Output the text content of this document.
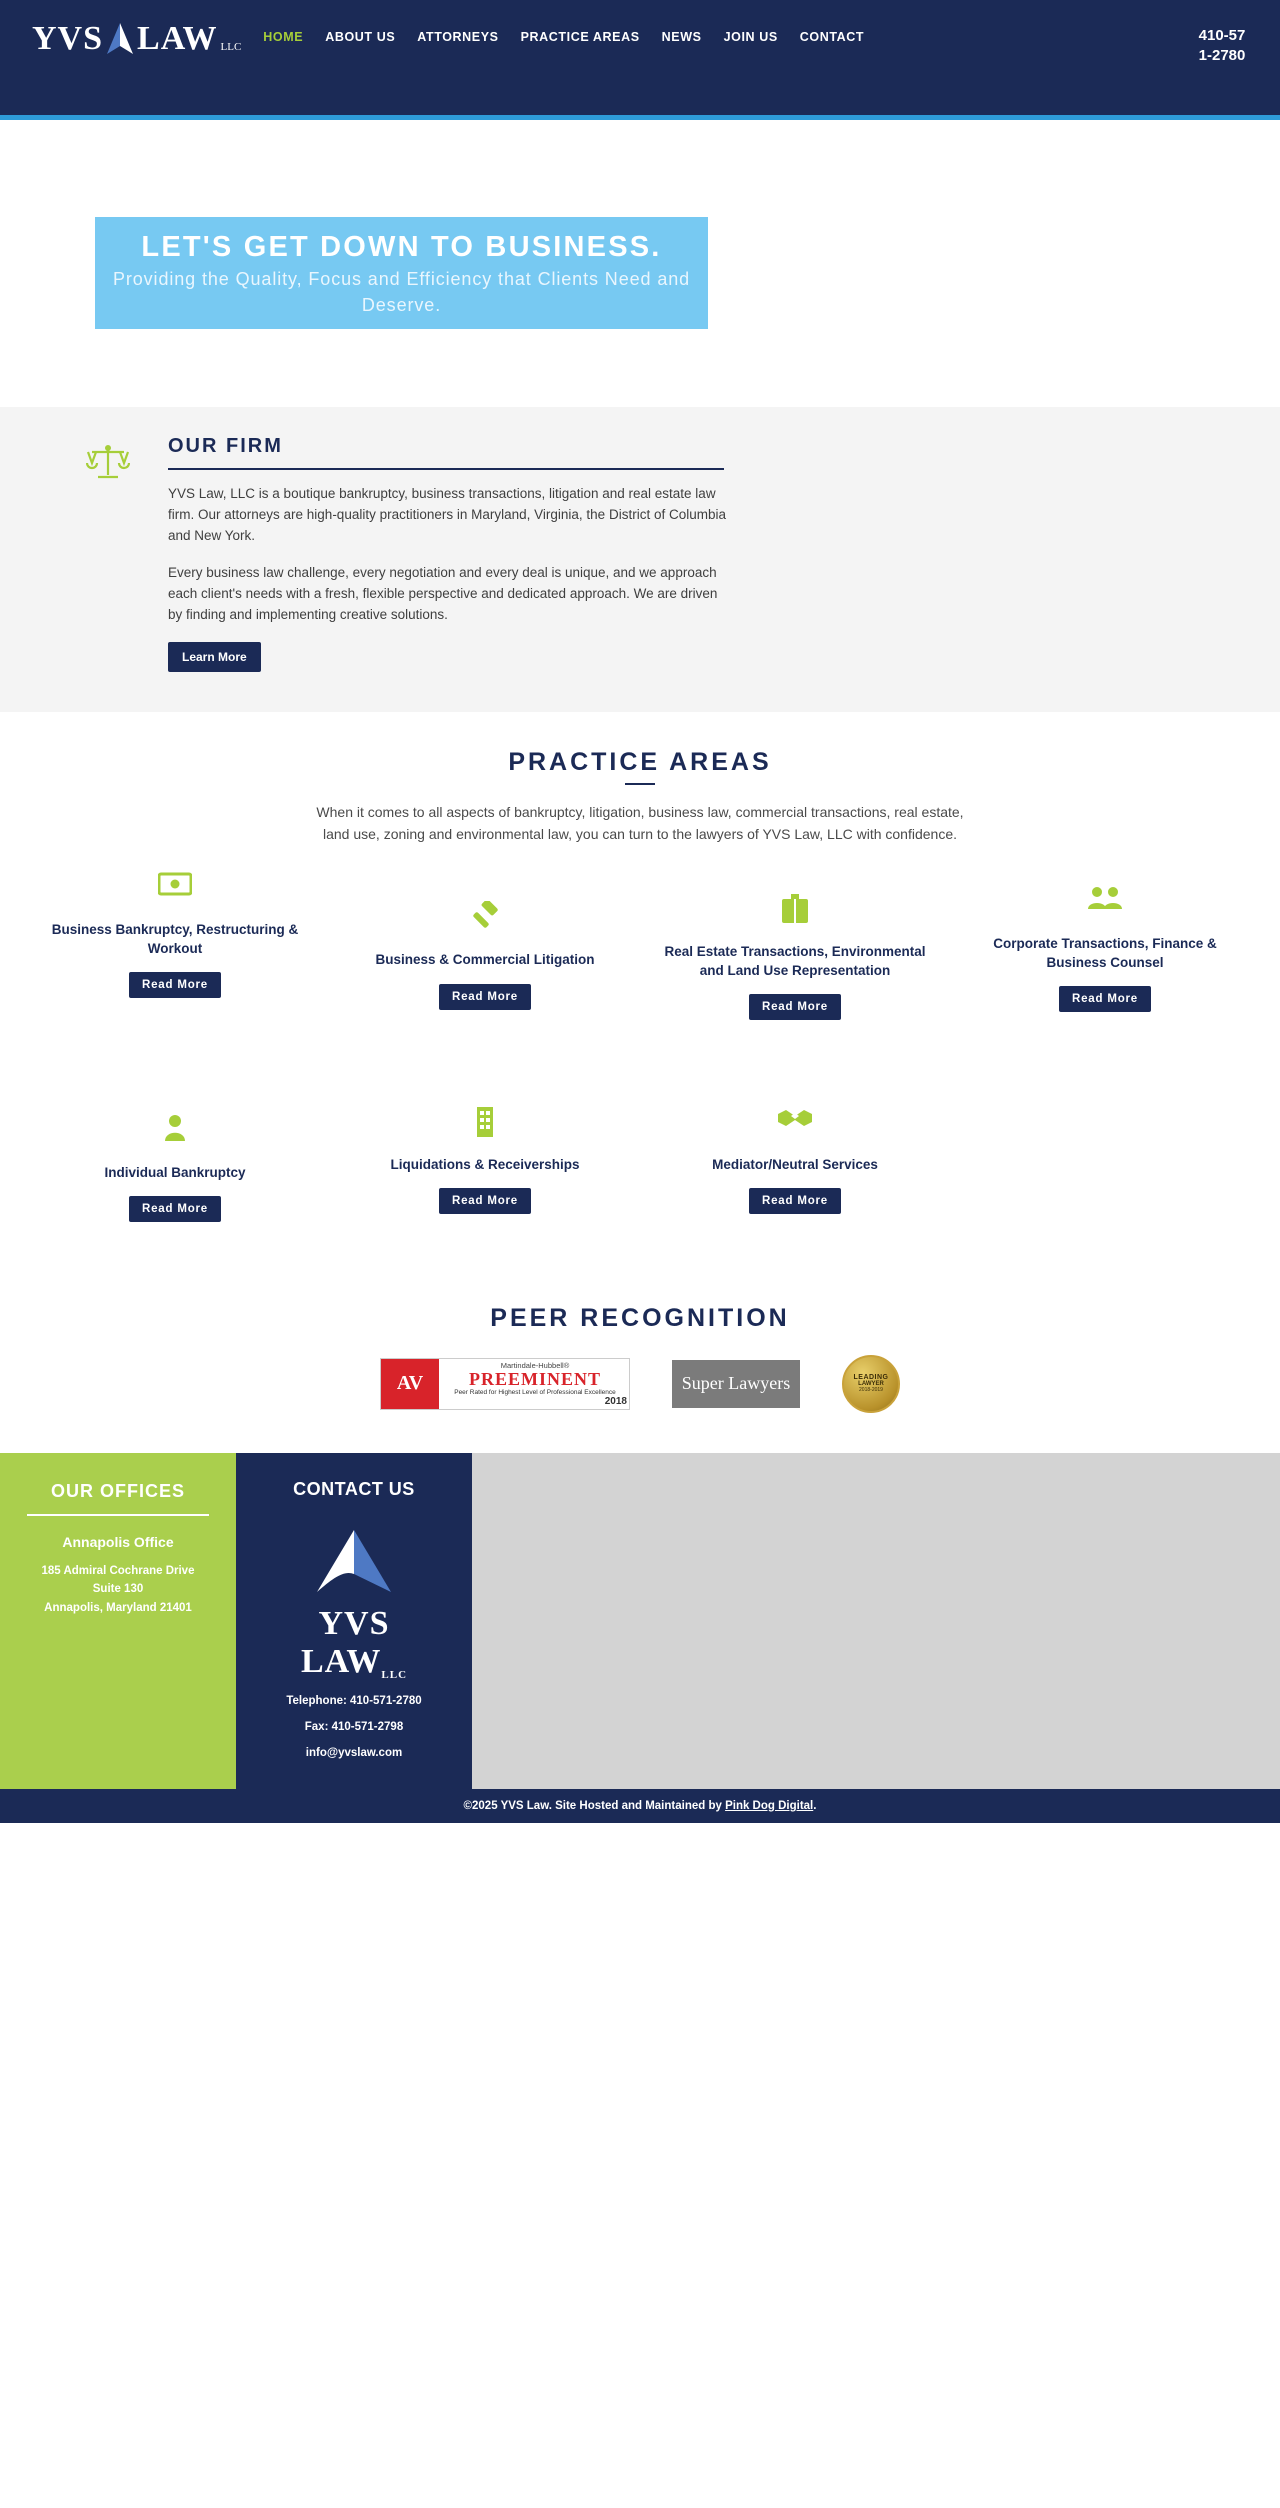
YVS LAW LLC
HOME ABOUT US ATTORNEYS PRACTICE AREAS NEWS JOIN US CONTACT	410-571-2780
LET'S GET DOWN TO BUSINESS.

Providing the Quality, Focus and Efficiency that Clients Need and Deserve.

OUR FIRM

YVS Law, LLC is a boutique bankruptcy, business transactions, litigation and real estate law firm. Our attorneys are high-quality practitioners in Maryland, Virginia, the District of Columbia and New York.

Every business law challenge, every negotiation and every deal is unique, and we approach each client's needs with a fresh, flexible perspective and dedicated approach. We are driven by finding and implementing creative solutions.

Learn More
PRACTICE AREAS

When it comes to all aspects of bankruptcy, litigation, business law, commercial transactions, real estate, land use, zoning and environmental law, you can turn to the lawyers of YVS Law, LLC with confidence.

Business Bankruptcy, Restructuring & Workout
Read More
Business & Commercial Litigation
Read More
Real Estate Transactions, Environmental and Land Use Representation
Read More
Corporate Transactions, Finance & Business Counsel
Read More
Individual Bankruptcy
Read More
Liquidations & Receiverships
Read More
Mediator/Neutral Services
Read More
PEER RECOGNITION
AV
Martindale-Hubbell®
PREEMINENT
Peer Rated for Highest Level of Professional Excellence
2018
Super Lawyers	LEADING
LAWYER
2018-2019
OUR OFFICES
Annapolis Office
185 Admiral Cochrane Drive
Suite 130
Annapolis, Maryland 21401
CONTACT US
YVS LAWLLC
Telephone: 410-571-2780
Fax: 410-571-2798
info@yvslaw.com
©2025 YVS Law. Site Hosted and Maintained by Pink Dog Digital.
